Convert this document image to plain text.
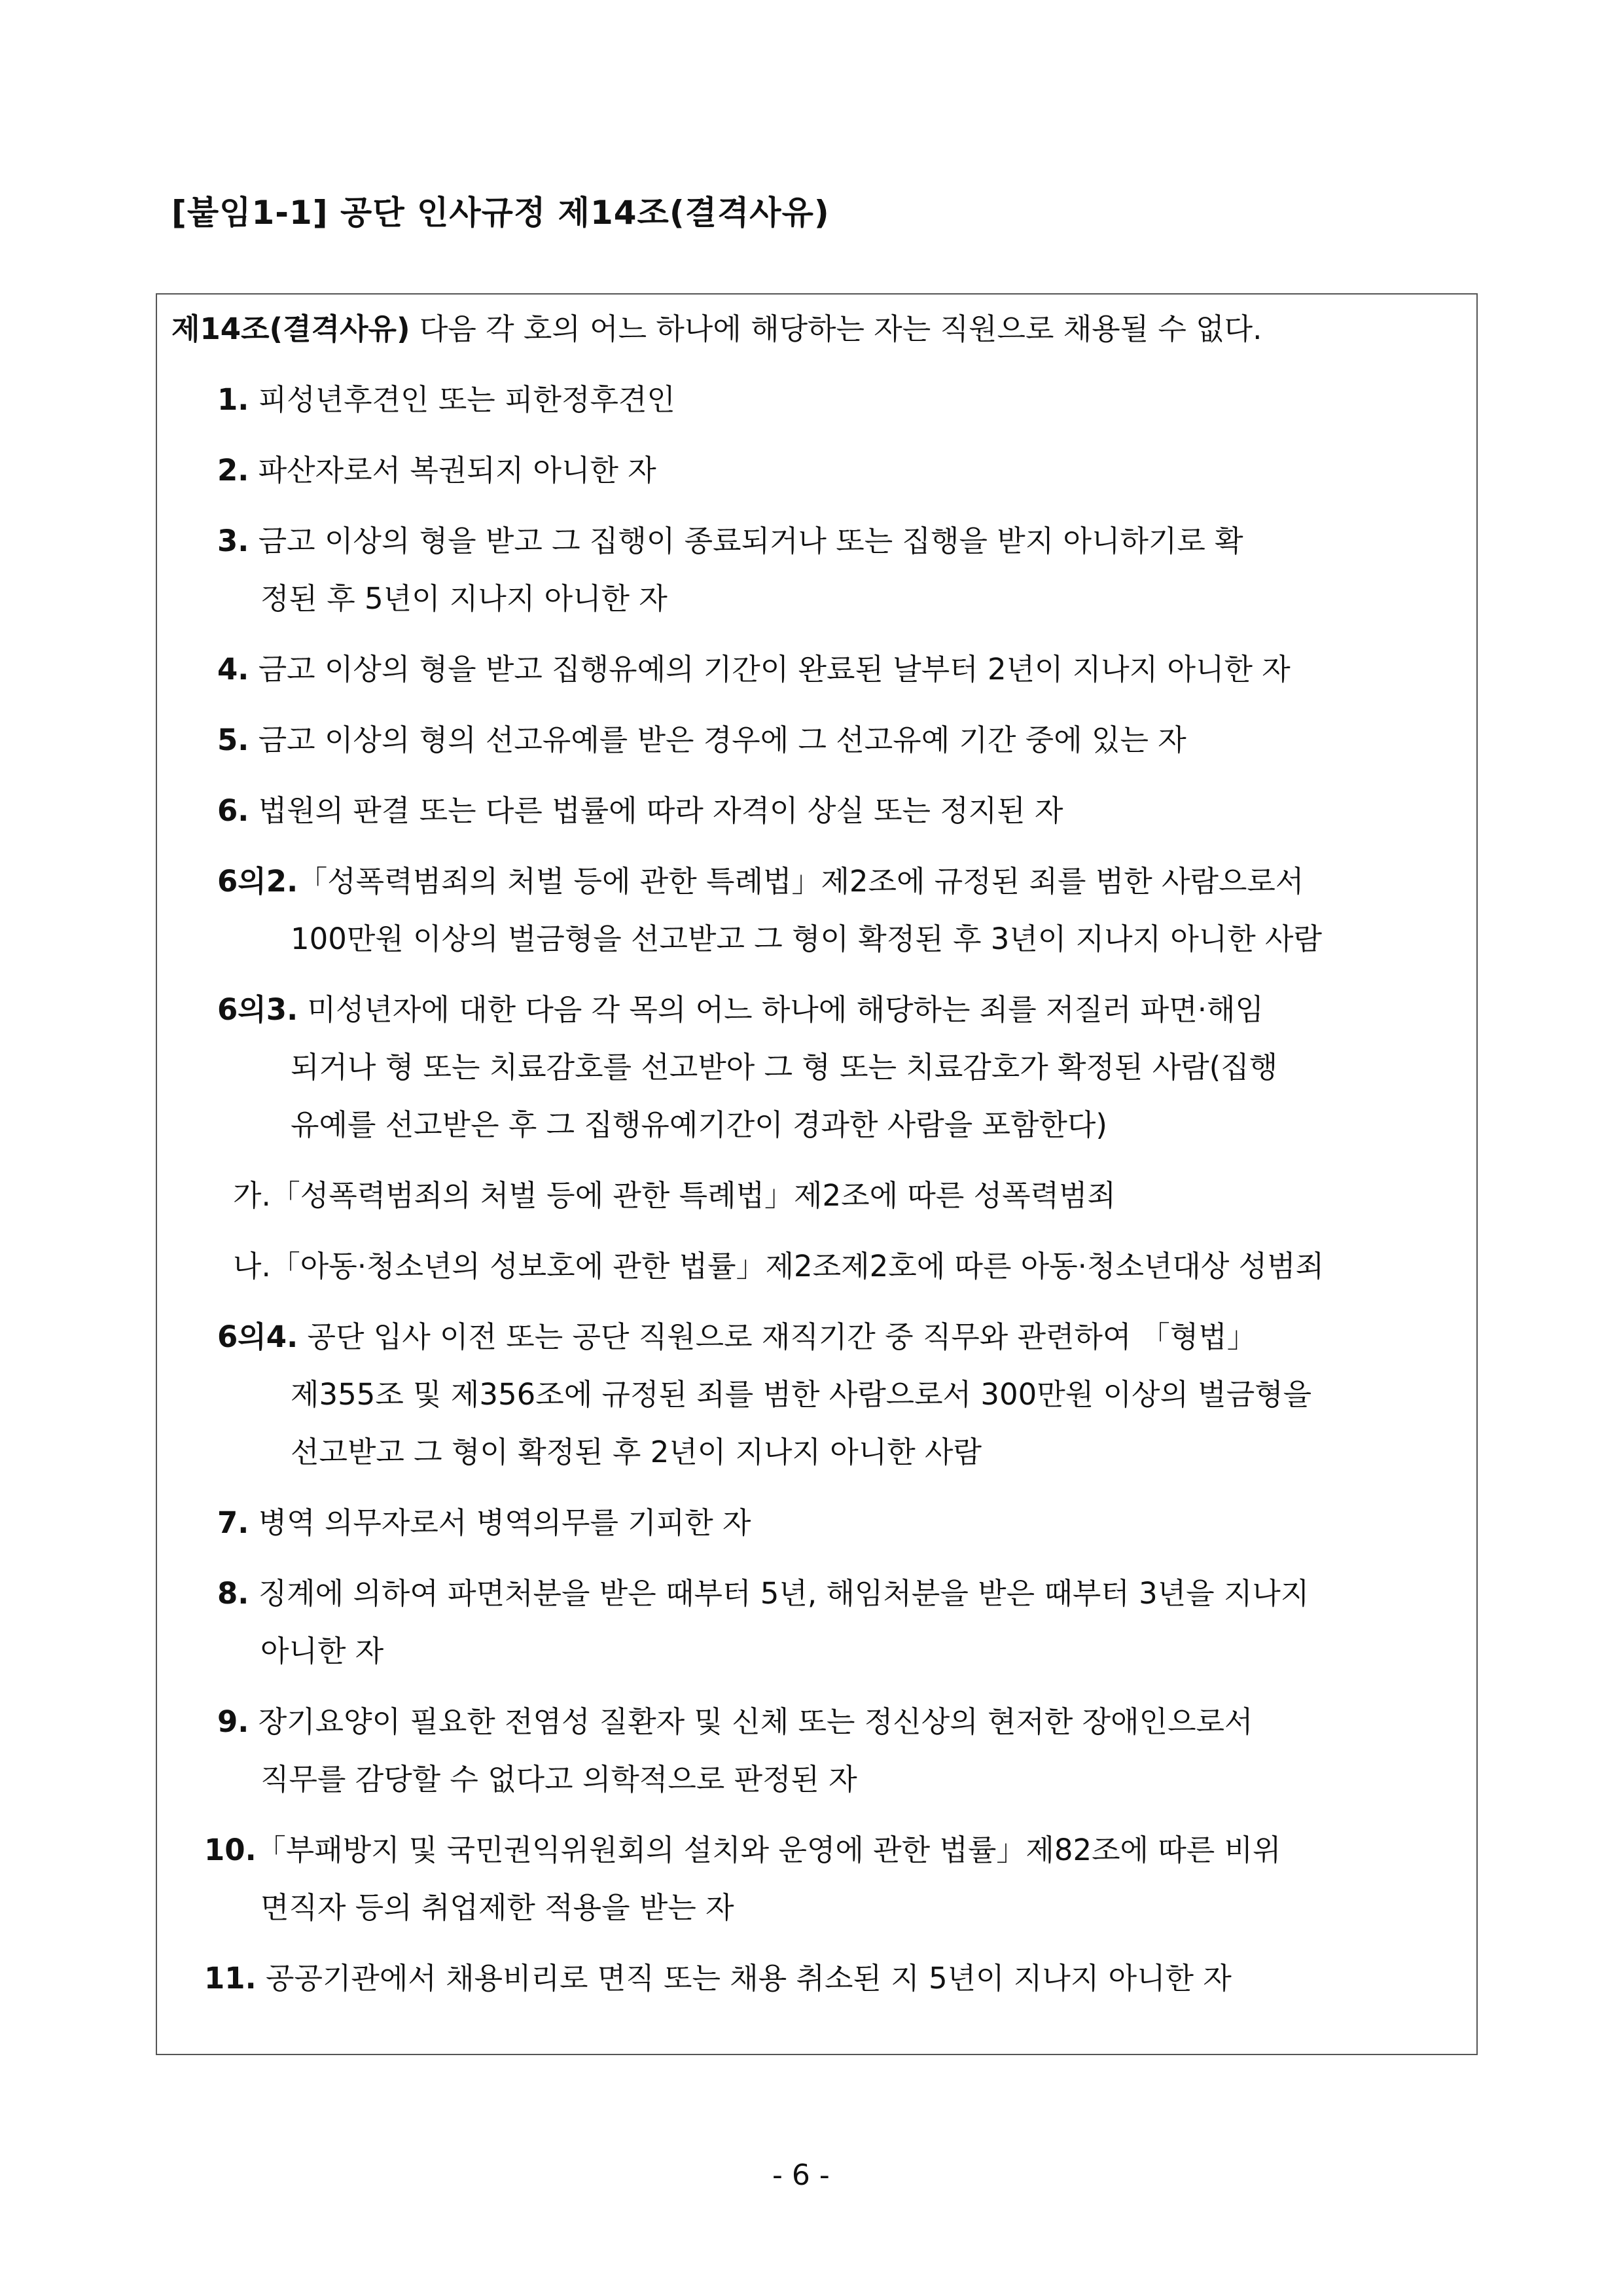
[붙임1-1] 공단 인사규정 제14조(결격사유)
제14조(결격사유) 다음 각 호의 어느 하나에 해당하는 자는 직원으로 채용될 수 없다.
1. 피성년후견인 또는 피한정후견인
2. 파산자로서 복권되지 아니한 자
3. 금고 이상의 형을 받고 그 집행이 종료되거나 또는 집행을 받지 아니하기로 확
정된 후 5년이 지나지 아니한 자
4. 금고 이상의 형을 받고 집행유예의 기간이 완료된 날부터 2년이 지나지 아니한 자
5. 금고 이상의 형의 선고유예를 받은 경우에 그 선고유예 기간 중에 있는 자
6. 법원의 판결 또는 다른 법률에 따라 자격이 상실 또는 정지된 자
6의2.「성폭력범죄의 처벌 등에 관한 특례법」제2조에 규정된 죄를 범한 사람으로서
100만원 이상의 벌금형을 선고받고 그 형이 확정된 후 3년이 지나지 아니한 사람
6의3. 미성년자에 대한 다음 각 목의 어느 하나에 해당하는 죄를 저질러 파면·해임
되거나 형 또는 치료감호를 선고받아 그 형 또는 치료감호가 확정된 사람(집행
유예를 선고받은 후 그 집행유예기간이 경과한 사람을 포함한다)
가.「성폭력범죄의 처벌 등에 관한 특례법」제2조에 따른 성폭력범죄
나.「아동·청소년의 성보호에 관한 법률」제2조제2호에 따른 아동·청소년대상 성범죄
6의4. 공단 입사 이전 또는 공단 직원으로 재직기간 중 직무와 관련하여 「형법」
제355조 및 제356조에 규정된 죄를 범한 사람으로서 300만원 이상의 벌금형을
선고받고 그 형이 확정된 후 2년이 지나지 아니한 사람
7. 병역 의무자로서 병역의무를 기피한 자
8. 징계에 의하여 파면처분을 받은 때부터 5년, 해임처분을 받은 때부터 3년을 지나지
아니한 자
9. 장기요양이 필요한 전염성 질환자 및 신체 또는 정신상의 현저한 장애인으로서
직무를 감당할 수 없다고 의학적으로 판정된 자
10.「부패방지 및 국민권익위원회의 설치와 운영에 관한 법률」제82조에 따른 비위
면직자 등의 취업제한 적용을 받는 자
11. 공공기관에서 채용비리로 면직 또는 채용 취소된 지 5년이 지나지 아니한 자
- 6 -
